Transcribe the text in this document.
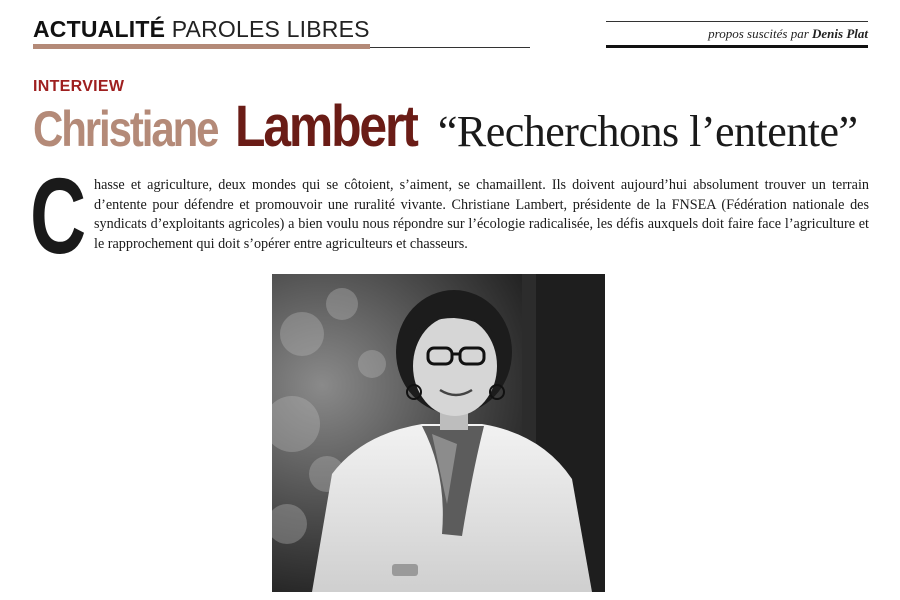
ACTUALITÉ PAROLES LIBRES	propos suscités par Denis Plat
INTERVIEW
Christiane Lambert “Recherchons l’entente”
C hasse et agriculture, deux mondes qui se côtoient, s’aiment, se chamaillent. Ils doivent aujourd’hui absolument trouver un terrain d’entente pour défendre et promouvoir une ruralité vivante. Christiane Lambert, présidente de la FNSEA (Fédération nationale des syndicats d’exploitants agricoles) a bien voulu nous répondre sur l’écologie radicalisée, les défis auxquels doit faire face l’agriculture et le rapprochement qui doit s’opérer entre agriculteurs et chasseurs.
